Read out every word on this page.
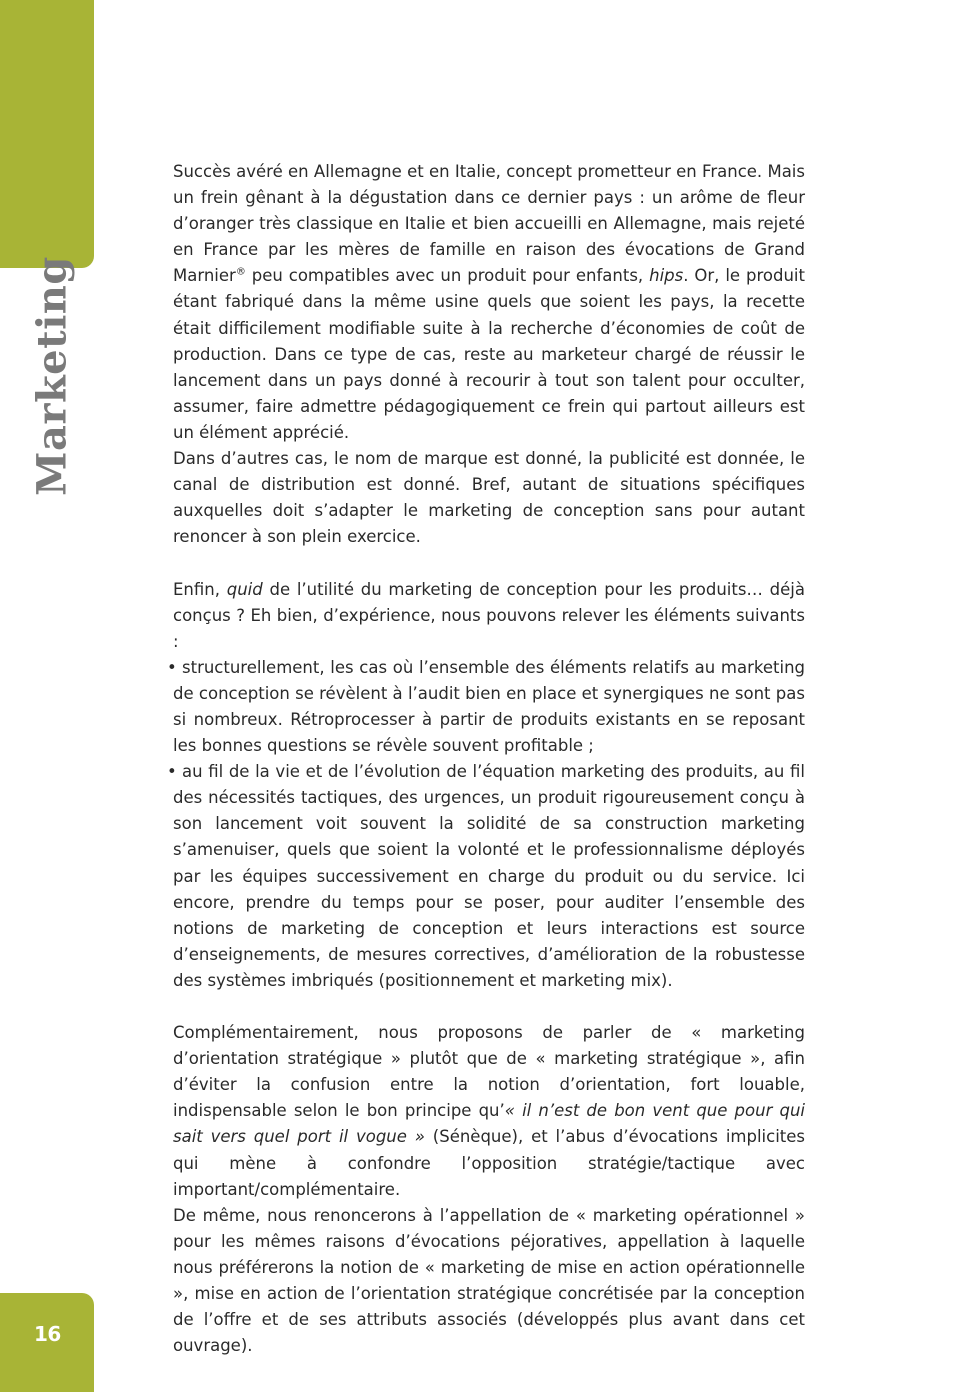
Marketing
16

Succès avéré en Allemagne et en Italie, concept prometteur en France. Mais un frein gênant à la dégustation dans ce dernier pays : un arôme de fleur d’oranger très classique en Italie et bien accueilli en Allemagne, mais rejeté en France par les mères de famille en raison des évocations de Grand Marnier® peu compatibles avec un produit pour enfants, hips. Or, le produit étant fabriqué dans la même usine quels que soient les pays, la recette était difficilement modifiable suite à la recherche d’économies de coût de production. Dans ce type de cas, reste au marketeur chargé de réussir le lancement dans un pays donné à recourir à tout son talent pour occulter, assumer, faire admettre pédagogiquement ce frein qui partout ailleurs est un élément apprécié.

Dans d’autres cas, le nom de marque est donné, la publicité est donnée, le canal de distribution est donné. Bref, autant de situations spécifiques auxquelles doit s’adapter le marketing de conception sans pour autant renoncer à son plein exercice.

Enfin, quid de l’utilité du marketing de conception pour les produits… déjà conçus ? Eh bien, d’expérience, nous pouvons relever les éléments suivants :

• structurellement, les cas où l’ensemble des éléments relatifs au marketing de conception se révèlent à l’audit bien en place et synergiques ne sont pas si nombreux. Rétroprocesser à partir de produits existants en se reposant les bonnes questions se révèle souvent profitable ;
• au fil de la vie et de l’évolution de l’équation marketing des produits, au fil des nécessités tactiques, des urgences, un produit rigoureusement conçu à son lancement voit souvent la solidité de sa construction marketing s’amenuiser, quels que soient la volonté et le professionnalisme déployés par les équipes successivement en charge du produit ou du service. Ici encore, prendre du temps pour se poser, pour auditer l’ensemble des notions de marketing de conception et leurs interactions est source d’enseignements, de mesures correctives, d’amélioration de la robustesse des systèmes imbriqués (positionnement et marketing mix).

Complémentairement, nous proposons de parler de « marketing d’orientation stratégique » plutôt que de « marketing stratégique », afin d’éviter la confusion entre la notion d’orientation, fort louable, indispensable selon le bon principe qu’« il n’est de bon vent que pour qui sait vers quel port il vogue » (Sénèque), et l’abus d’évocations implicites qui mène à confondre l’opposition stratégie/tactique avec important/complémentaire.

De même, nous renoncerons à l’appellation de « marketing opérationnel » pour les mêmes raisons d’évocations péjoratives, appellation à laquelle nous préférerons la notion de « marketing de mise en action opérationnelle », mise en action de l’orientation stratégique concrétisée par la conception de l’offre et de ses attributs associés (développés plus avant dans cet ouvrage).
